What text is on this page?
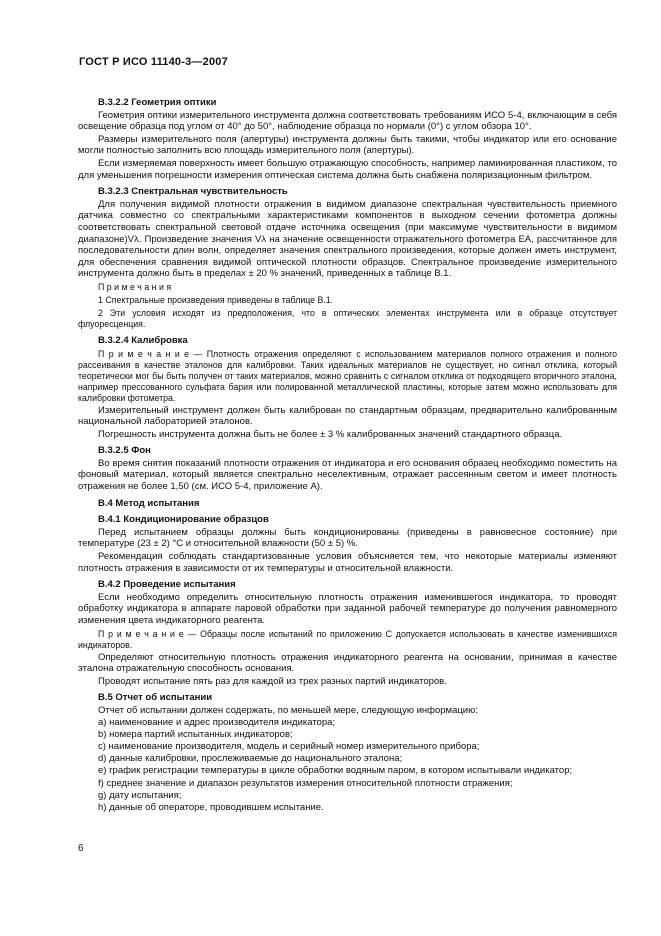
ГОСТ Р ИСО 11140-3—2007

В.3.2.2 Геометрия оптики

Геометрия оптики измерительного инструмента должна соответствовать требованиям ИСО 5-4, включающим в себя освещение образца под углом от 40° до 50°, наблюдение образца по нормали (0°) с углом обзора 10°.

Размеры измерительного поля (апертуры) инструмента должны быть такими, чтобы индикатор или его основание могли полностью заполнить всю площадь измерительного поля (апертуры).

Если измеряемая поверхность имеет большую отражающую способность, например ламинированная пластиком, то для уменьшения погрешности измерения оптическая система должна быть снабжена поляризационным фильтром.

В.3.2.3 Спектральная чувствительность

Для получения видимой плотности отражения в видимом диапазоне спектральная чувствительность приемного датчика совместно со спектральными характеристиками компонентов в выходном сечении фотометра должны соответствовать спектральной световой отдаче источника освещения (при максимуме чувствительности в видимом диапазоне)Vλ. Произведение значения Vλ на значение освещенности отражательного фотометра EА, рассчитанное для последовательности длин волн, определяет значения спектрального произведения, которые должен иметь инструмент, для обеспечения сравнения видимой оптической плотности образцов. Спектральное произведение измерительного инструмента должно быть в пределах ± 20 % значений, приведенных в таблице В.1.

П р и м е ч а н и я

1 Спектральные произведения приведены в таблице В.1.

2 Эти условия исходят из предположения, что в оптических элементах инструмента или в образце отсутствует флуоресценция.

В.3.2.4 Калибровка

П р и м е ч а н и е — Плотность отражения определяют с использованием материалов полного отражения и полного рассеивания в качестве эталонов для калибровки. Таких идеальных материалов не существует, но сигнал отклика, который теоретически мог бы быть получен от таких материалов, можно сравнить с сигналом отклика от подходящего вторичного эталона, например прессованного сульфата бария или полированной металлической пластины, которые затем можно использовать для калибровки фотометра.

Измерительный инструмент должен быть калиброван по стандартным образцам, предварительно калиброванным национальной лабораторией эталонов.

Погрешность инструмента должна быть не более ± 3 % калиброванных значений стандартного образца.

В.3.2.5 Фон

Во время снятия показаний плотности отражения от индикатора и его основания образец необходимо поместить на фоновый материал, который является спектрально неселективным, отражает рассеянным светом и имеет плотность отражения не более 1,50 (см. ИСО 5-4, приложение А).

В.4 Метод испытания

В.4.1 Кондиционирование образцов

Перед испытанием образцы должны быть кондиционированы (приведены в равновесное состояние) при температуре (23 ± 2) °С и относительной влажности (50 ± 5) %.

Рекомендация соблюдать стандартизованные условия объясняется тем, что некоторые материалы изменяют плотность отражения в зависимости от их температуры и относительной влажности.

В.4.2 Проведение испытания

Если необходимо определить относительную плотность отражения изменившегося индикатора, то проводят обработку индикатора в аппарате паровой обработки при заданной рабочей температуре до получения равномерного изменения цвета индикаторного реагента.

П р и м е ч а н и е — Образцы после испытаний по приложению С допускается использовать в качестве изменившихся индикаторов.

Определяют относительную плотность отражения индикаторного реагента на основании, принимая в качестве эталона отражательную способность основания.

Проводят испытание пять раз для каждой из трех разных партий индикаторов.

В.5 Отчет об испытании

Отчет об испытании должен содержать, по меньшей мере, следующую информацию:

a) наименование и адрес производителя индикатора;

b) номера партий испытанных индикаторов;

c) наименование производителя, модель и серийный номер измерительного прибора;

d) данные калибровки, прослеживаемые до национального эталона;

e) график регистрации температуры в цикле обработки водяным паром, в котором испытывали индикатор;

f) среднее значение и диапазон результатов измерения относительной плотности отражения;

g) дату испытания;

h) данные об операторе, проводившем испытание.

6
